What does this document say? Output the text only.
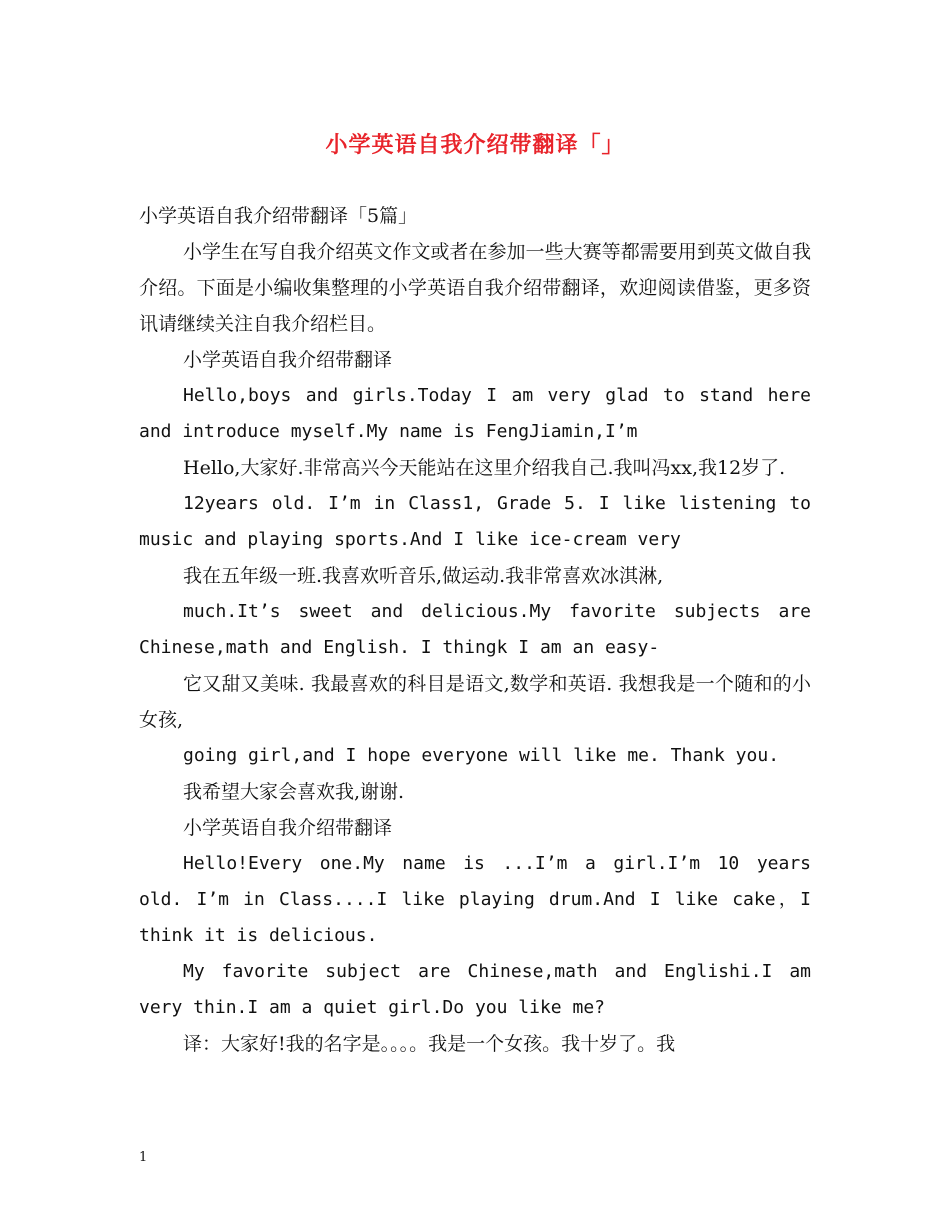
小学英语自我介绍带翻译「」

小学英语自我介绍带翻译「5篇」

小学生在写自我介绍英文作文或者在参加一些大赛等都需要用到英文做自我介绍。下面是小编收集整理的小学英语自我介绍带翻译，欢迎阅读借鉴，更多资讯请继续关注自我介绍栏目。

小学英语自我介绍带翻译

Hello,boys and girls.Today I am very glad to stand here and introduce myself.My name is FengJiamin,I’m

Hello,大家好.非常高兴今天能站在这里介绍我自己.我叫冯xx,我12岁了.

12years old. I’m in Class1, Grade 5. I like listening to music and playing sports.And I like ice-cream very

我在五年级一班.我喜欢听音乐,做运动.我非常喜欢冰淇淋,

much.It’s sweet and delicious.My favorite subjects are Chinese,math and English. I thingk I am an easy-

它又甜又美味. 我最喜欢的科目是语文,数学和英语. 我想我是一个随和的小女孩,

going girl,and I hope everyone will like me. Thank you.

我希望大家会喜欢我,谢谢.

小学英语自我介绍带翻译

Hello!Every one.My name is ...I’m a girl.I’m 10 years old. I’m in Class....I like playing drum.And I like cake，I think it is delicious.

My favorite subject are Chinese,math and Englishi.I am very thin.I am a quiet girl.Do you like me?

译：大家好!我的名字是。。。。我是一个女孩。我十岁了。我

1
